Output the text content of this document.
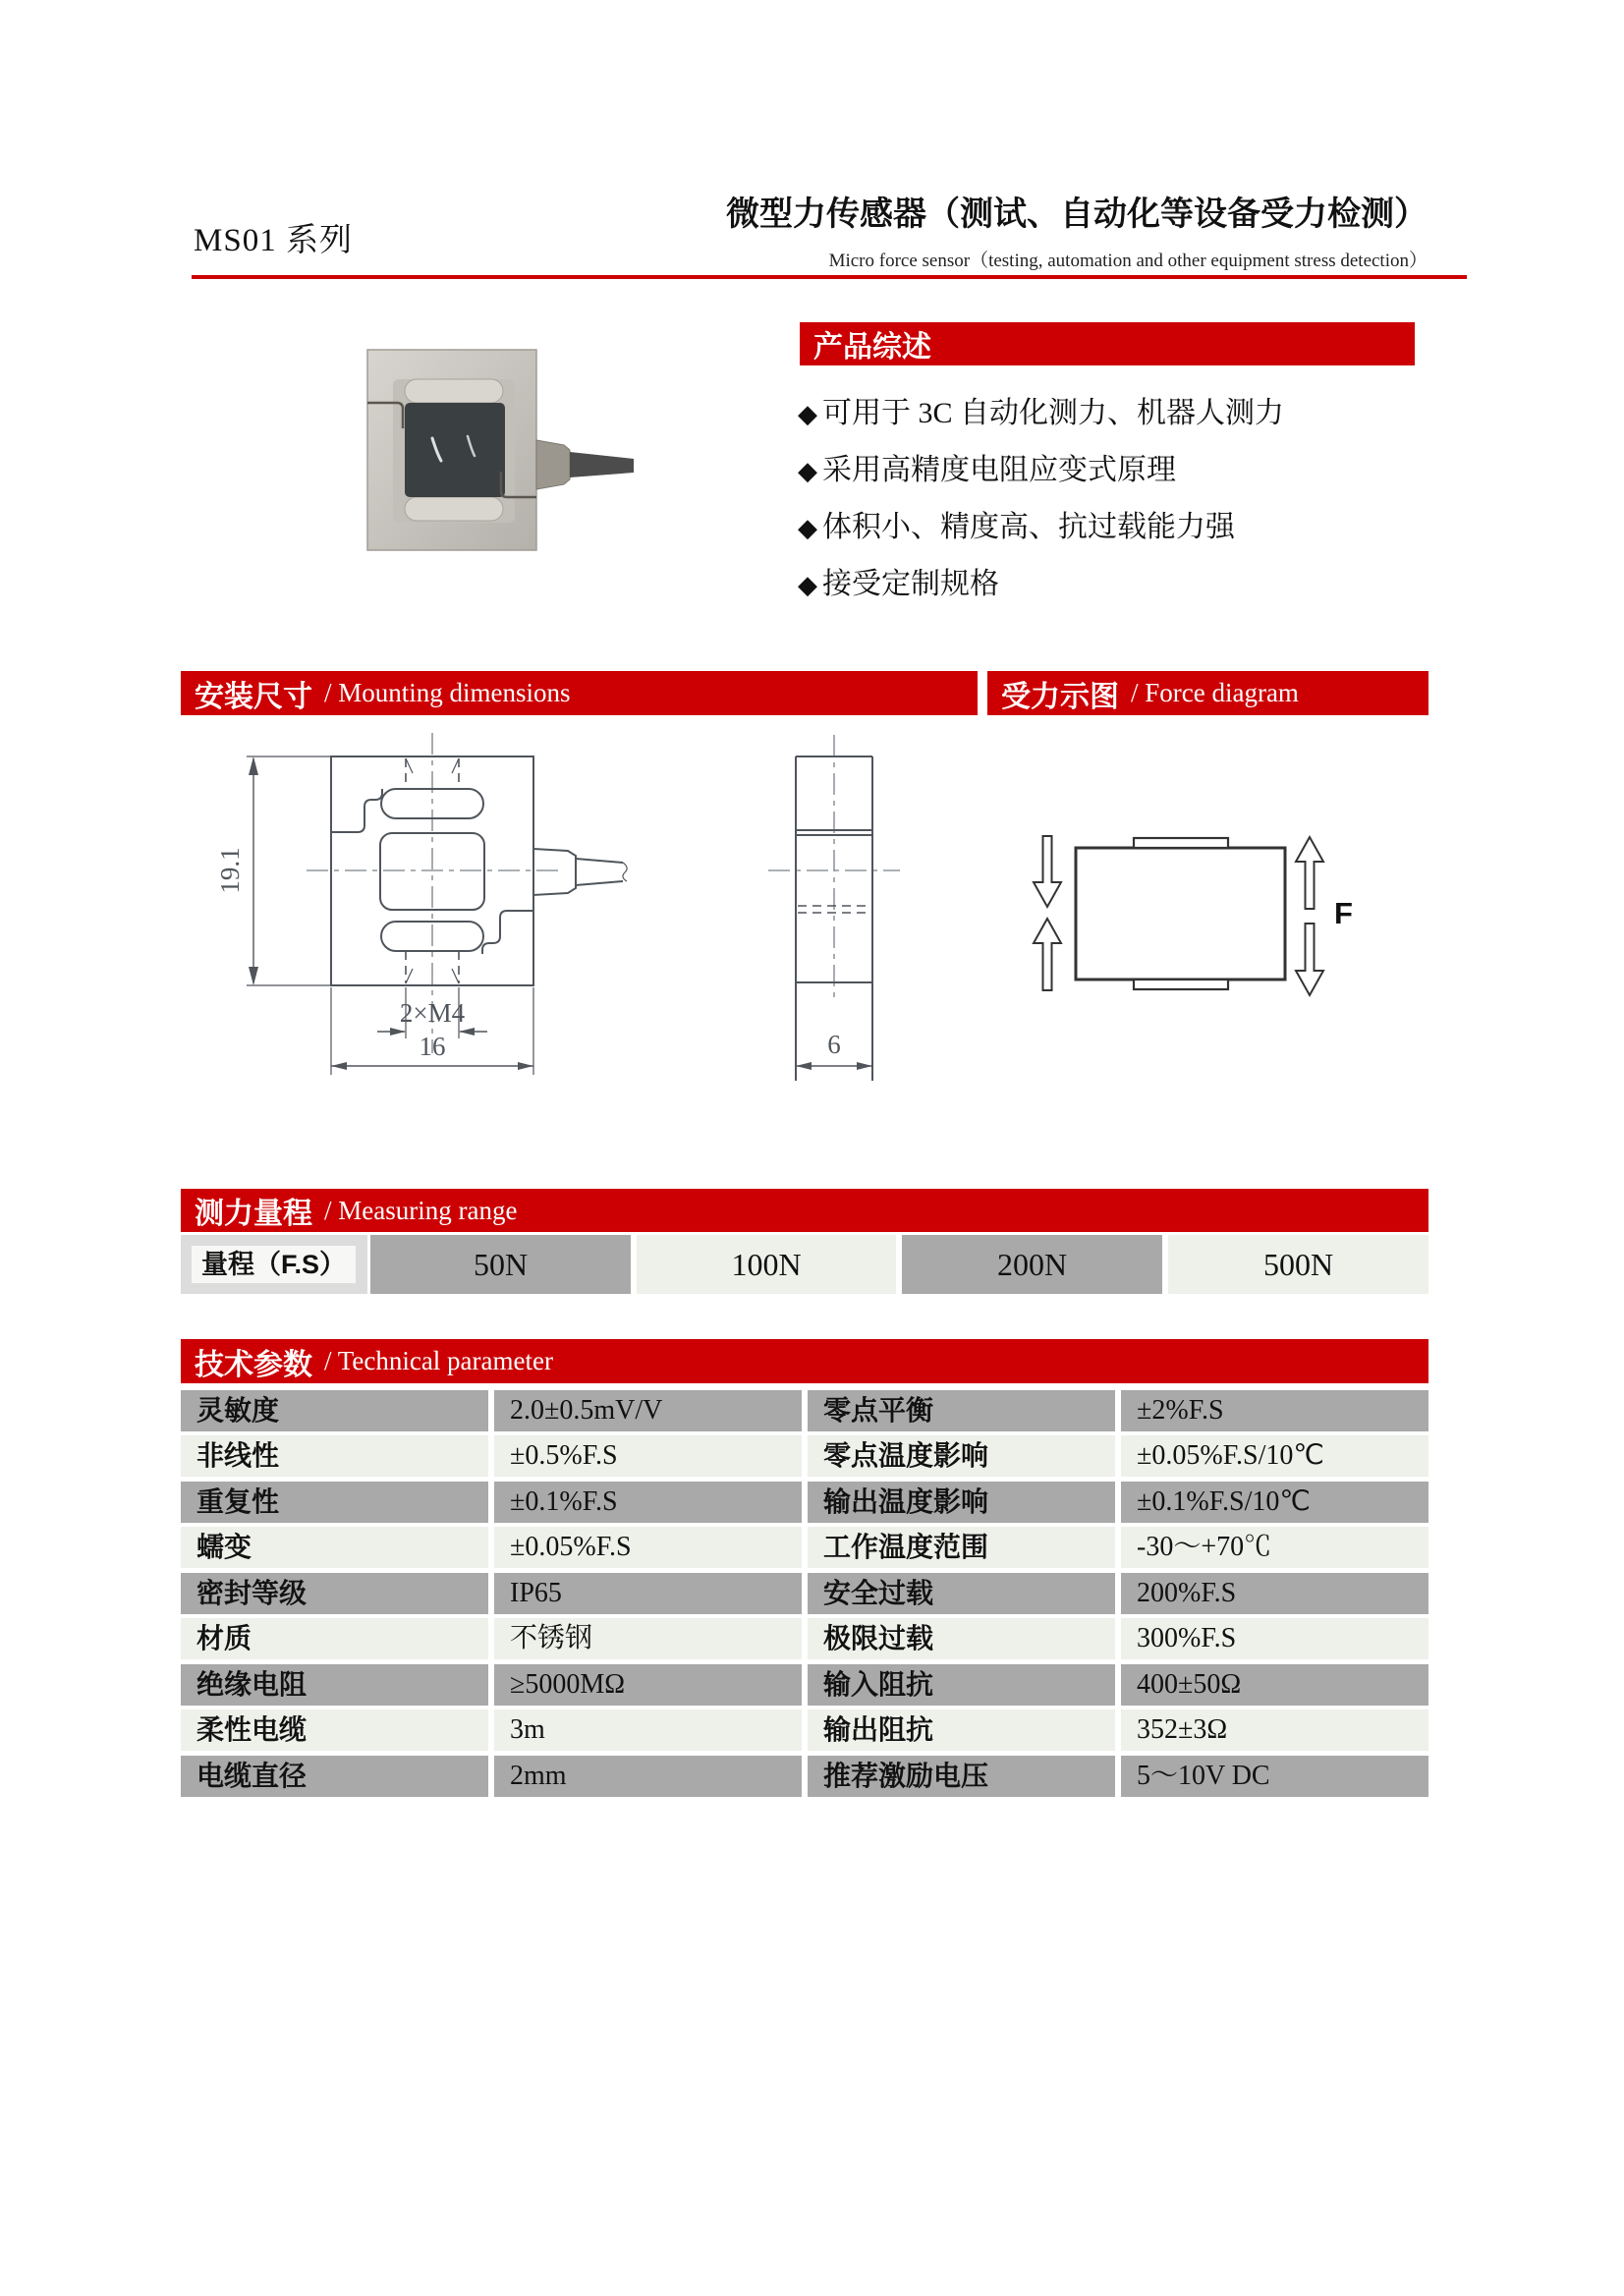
MS01 系列
微型力传感器（测试、自动化等设备受力检测）
Micro force sensor（testing, automation and other equipment stress detection）
产品综述
◆ 可用于 3C 自动化测力、机器人测力
◆ 采用高精度电阻应变式原理
◆ 体积小、精度高、抗过载能力强
◆ 接受定制规格
安装尺寸 / Mounting dimensions	受力示图 / Force diagram
19.1
2×M4
16	6
F
测力量程 / Measuring range
量程（F.S）	50N	100N	200N	500N
技术参数 / Technical parameter
灵敏度	2.0±0.5mV/V	零点平衡	±2%F.S
非线性	±0.5%F.S	零点温度影响	±0.05%F.S/10℃
重复性	±0.1%F.S	输出温度影响	±0.1%F.S/10℃
蠕变	±0.05%F.S	工作温度范围	-30～+70℃
密封等级	IP65	安全过载	200%F.S
材质	不锈钢	极限过载	300%F.S
绝缘电阻	≥5000MΩ	输入阻抗	400±50Ω
柔性电缆	3m	输出阻抗	352±3Ω
电缆直径	2mm	推荐激励电压	5～10V DC
